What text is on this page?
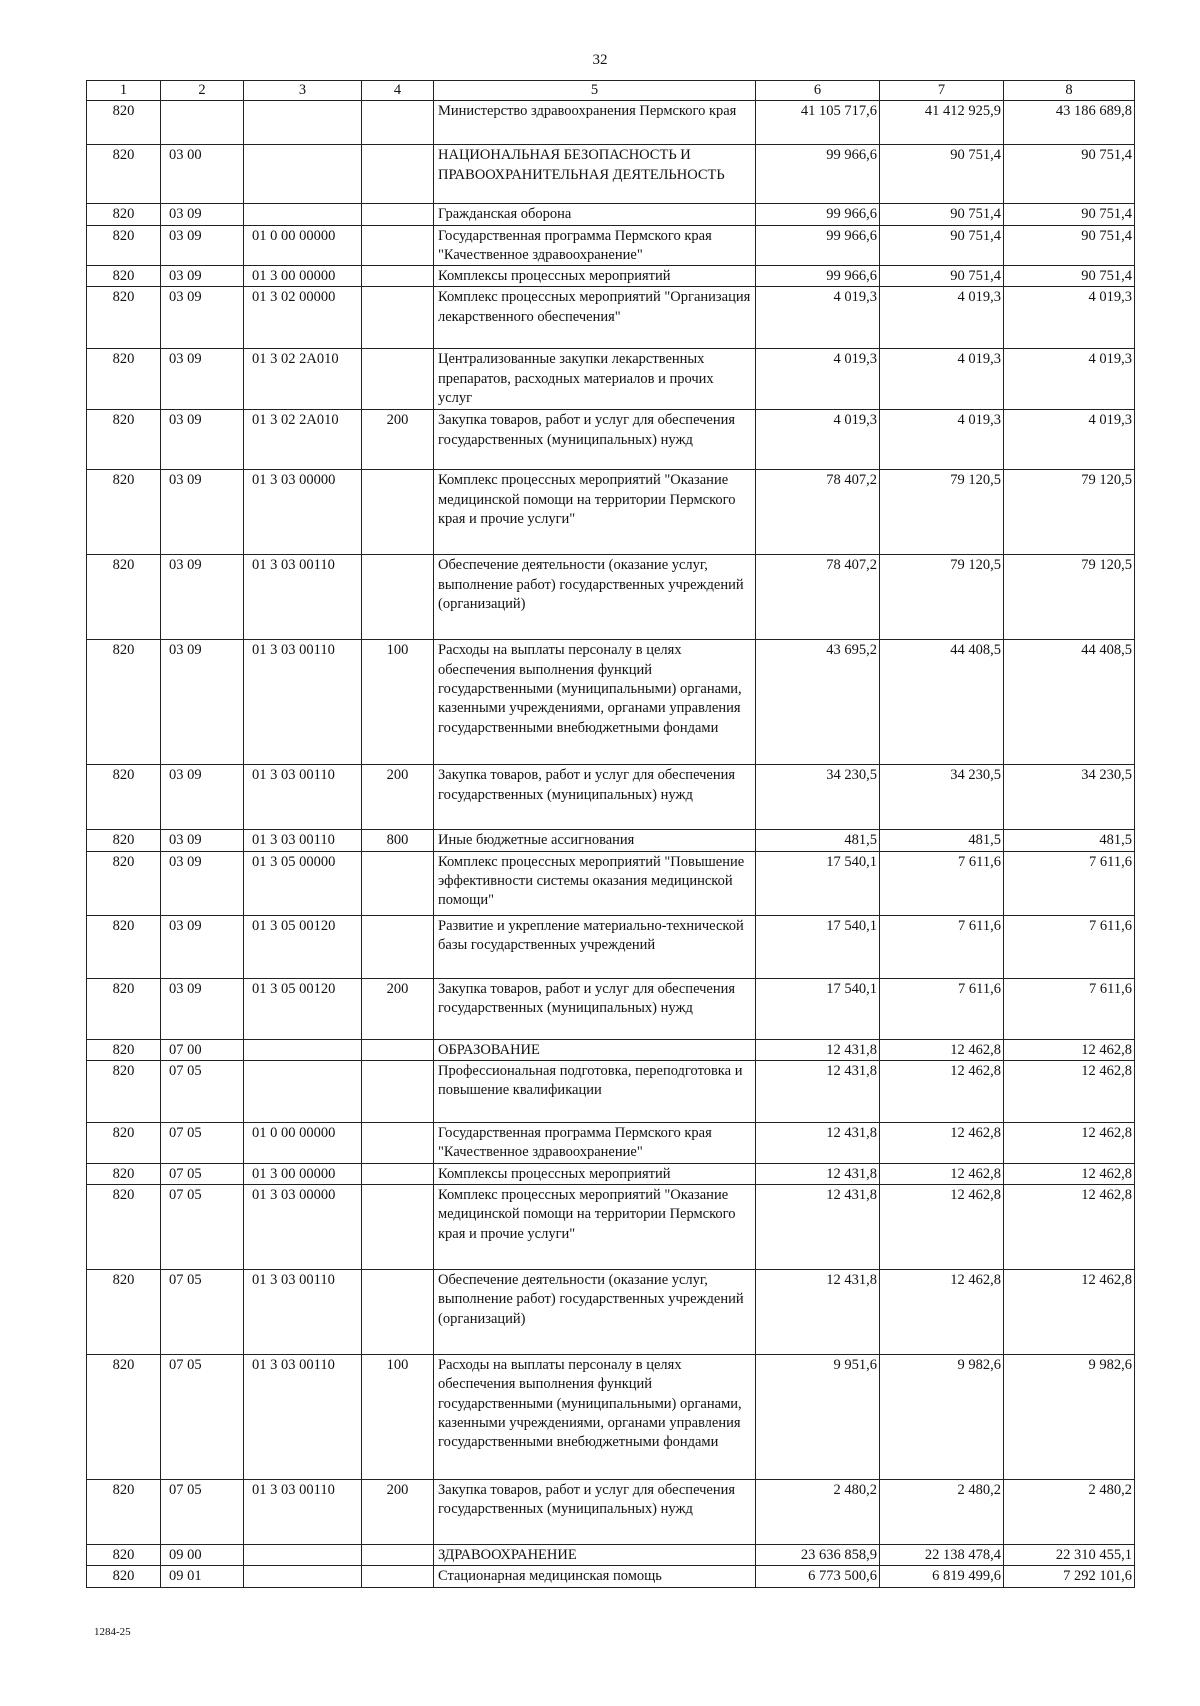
32
1	2	3	4	5	6	7	8
820				Министерство здравоохранения Пермского края	41 105 717,6	41 412 925,9	43 186 689,8
820	03 00			НАЦИОНАЛЬНАЯ БЕЗОПАСНОСТЬ И ПРАВООХРАНИТЕЛЬНАЯ ДЕЯТЕЛЬНОСТЬ	99 966,6	90 751,4	90 751,4
820	03 09			Гражданская оборона	99 966,6	90 751,4	90 751,4
820	03 09	01 0 00 00000		Государственная программа Пермского края "Качественное здравоохранение"	99 966,6	90 751,4	90 751,4
820	03 09	01 3 00 00000		Комплексы процессных мероприятий	99 966,6	90 751,4	90 751,4
820	03 09	01 3 02 00000		Комплекс процессных мероприятий "Организация лекарственного обеспечения"	4 019,3	4 019,3	4 019,3
820	03 09	01 3 02 2A010		Централизованные закупки лекарственных препаратов, расходных материалов и прочих услуг	4 019,3	4 019,3	4 019,3
820	03 09	01 3 02 2A010	200	Закупка товаров, работ и услуг для обеспечения государственных (муниципальных) нужд	4 019,3	4 019,3	4 019,3
820	03 09	01 3 03 00000		Комплекс процессных мероприятий "Оказание медицинской помощи на территории Пермского края и прочие услуги"	78 407,2	79 120,5	79 120,5
820	03 09	01 3 03 00110		Обеспечение деятельности (оказание услуг, выполнение работ) государственных учреждений (организаций)	78 407,2	79 120,5	79 120,5
820	03 09	01 3 03 00110	100	Расходы на выплаты персоналу в целях обеспечения выполнения функций государственными (муниципальными) органами, казенными учреждениями, органами управления государственными внебюджетными фондами	43 695,2	44 408,5	44 408,5
820	03 09	01 3 03 00110	200	Закупка товаров, работ и услуг для обеспечения государственных (муниципальных) нужд	34 230,5	34 230,5	34 230,5
820	03 09	01 3 03 00110	800	Иные бюджетные ассигнования	481,5	481,5	481,5
820	03 09	01 3 05 00000		Комплекс процессных мероприятий "Повышение эффективности системы оказания медицинской помощи"	17 540,1	7 611,6	7 611,6
820	03 09	01 3 05 00120		Развитие и укрепление материально-технической базы государственных учреждений	17 540,1	7 611,6	7 611,6
820	03 09	01 3 05 00120	200	Закупка товаров, работ и услуг для обеспечения государственных (муниципальных) нужд	17 540,1	7 611,6	7 611,6
820	07 00			ОБРАЗОВАНИЕ	12 431,8	12 462,8	12 462,8
820	07 05			Профессиональная подготовка, переподготовка и повышение квалификации	12 431,8	12 462,8	12 462,8
820	07 05	01 0 00 00000		Государственная программа Пермского края "Качественное здравоохранение"	12 431,8	12 462,8	12 462,8
820	07 05	01 3 00 00000		Комплексы процессных мероприятий	12 431,8	12 462,8	12 462,8
820	07 05	01 3 03 00000		Комплекс процессных мероприятий "Оказание медицинской помощи на территории Пермского края и прочие услуги"	12 431,8	12 462,8	12 462,8
820	07 05	01 3 03 00110		Обеспечение деятельности (оказание услуг, выполнение работ) государственных учреждений (организаций)	12 431,8	12 462,8	12 462,8
820	07 05	01 3 03 00110	100	Расходы на выплаты персоналу в целях обеспечения выполнения функций государственными (муниципальными) органами, казенными учреждениями, органами управления государственными внебюджетными фондами	9 951,6	9 982,6	9 982,6
820	07 05	01 3 03 00110	200	Закупка товаров, работ и услуг для обеспечения государственных (муниципальных) нужд	2 480,2	2 480,2	2 480,2
820	09 00			ЗДРАВООХРАНЕНИЕ	23 636 858,9	22 138 478,4	22 310 455,1
820	09 01			Стационарная медицинская помощь	6 773 500,6	6 819 499,6	7 292 101,6
1284-25
